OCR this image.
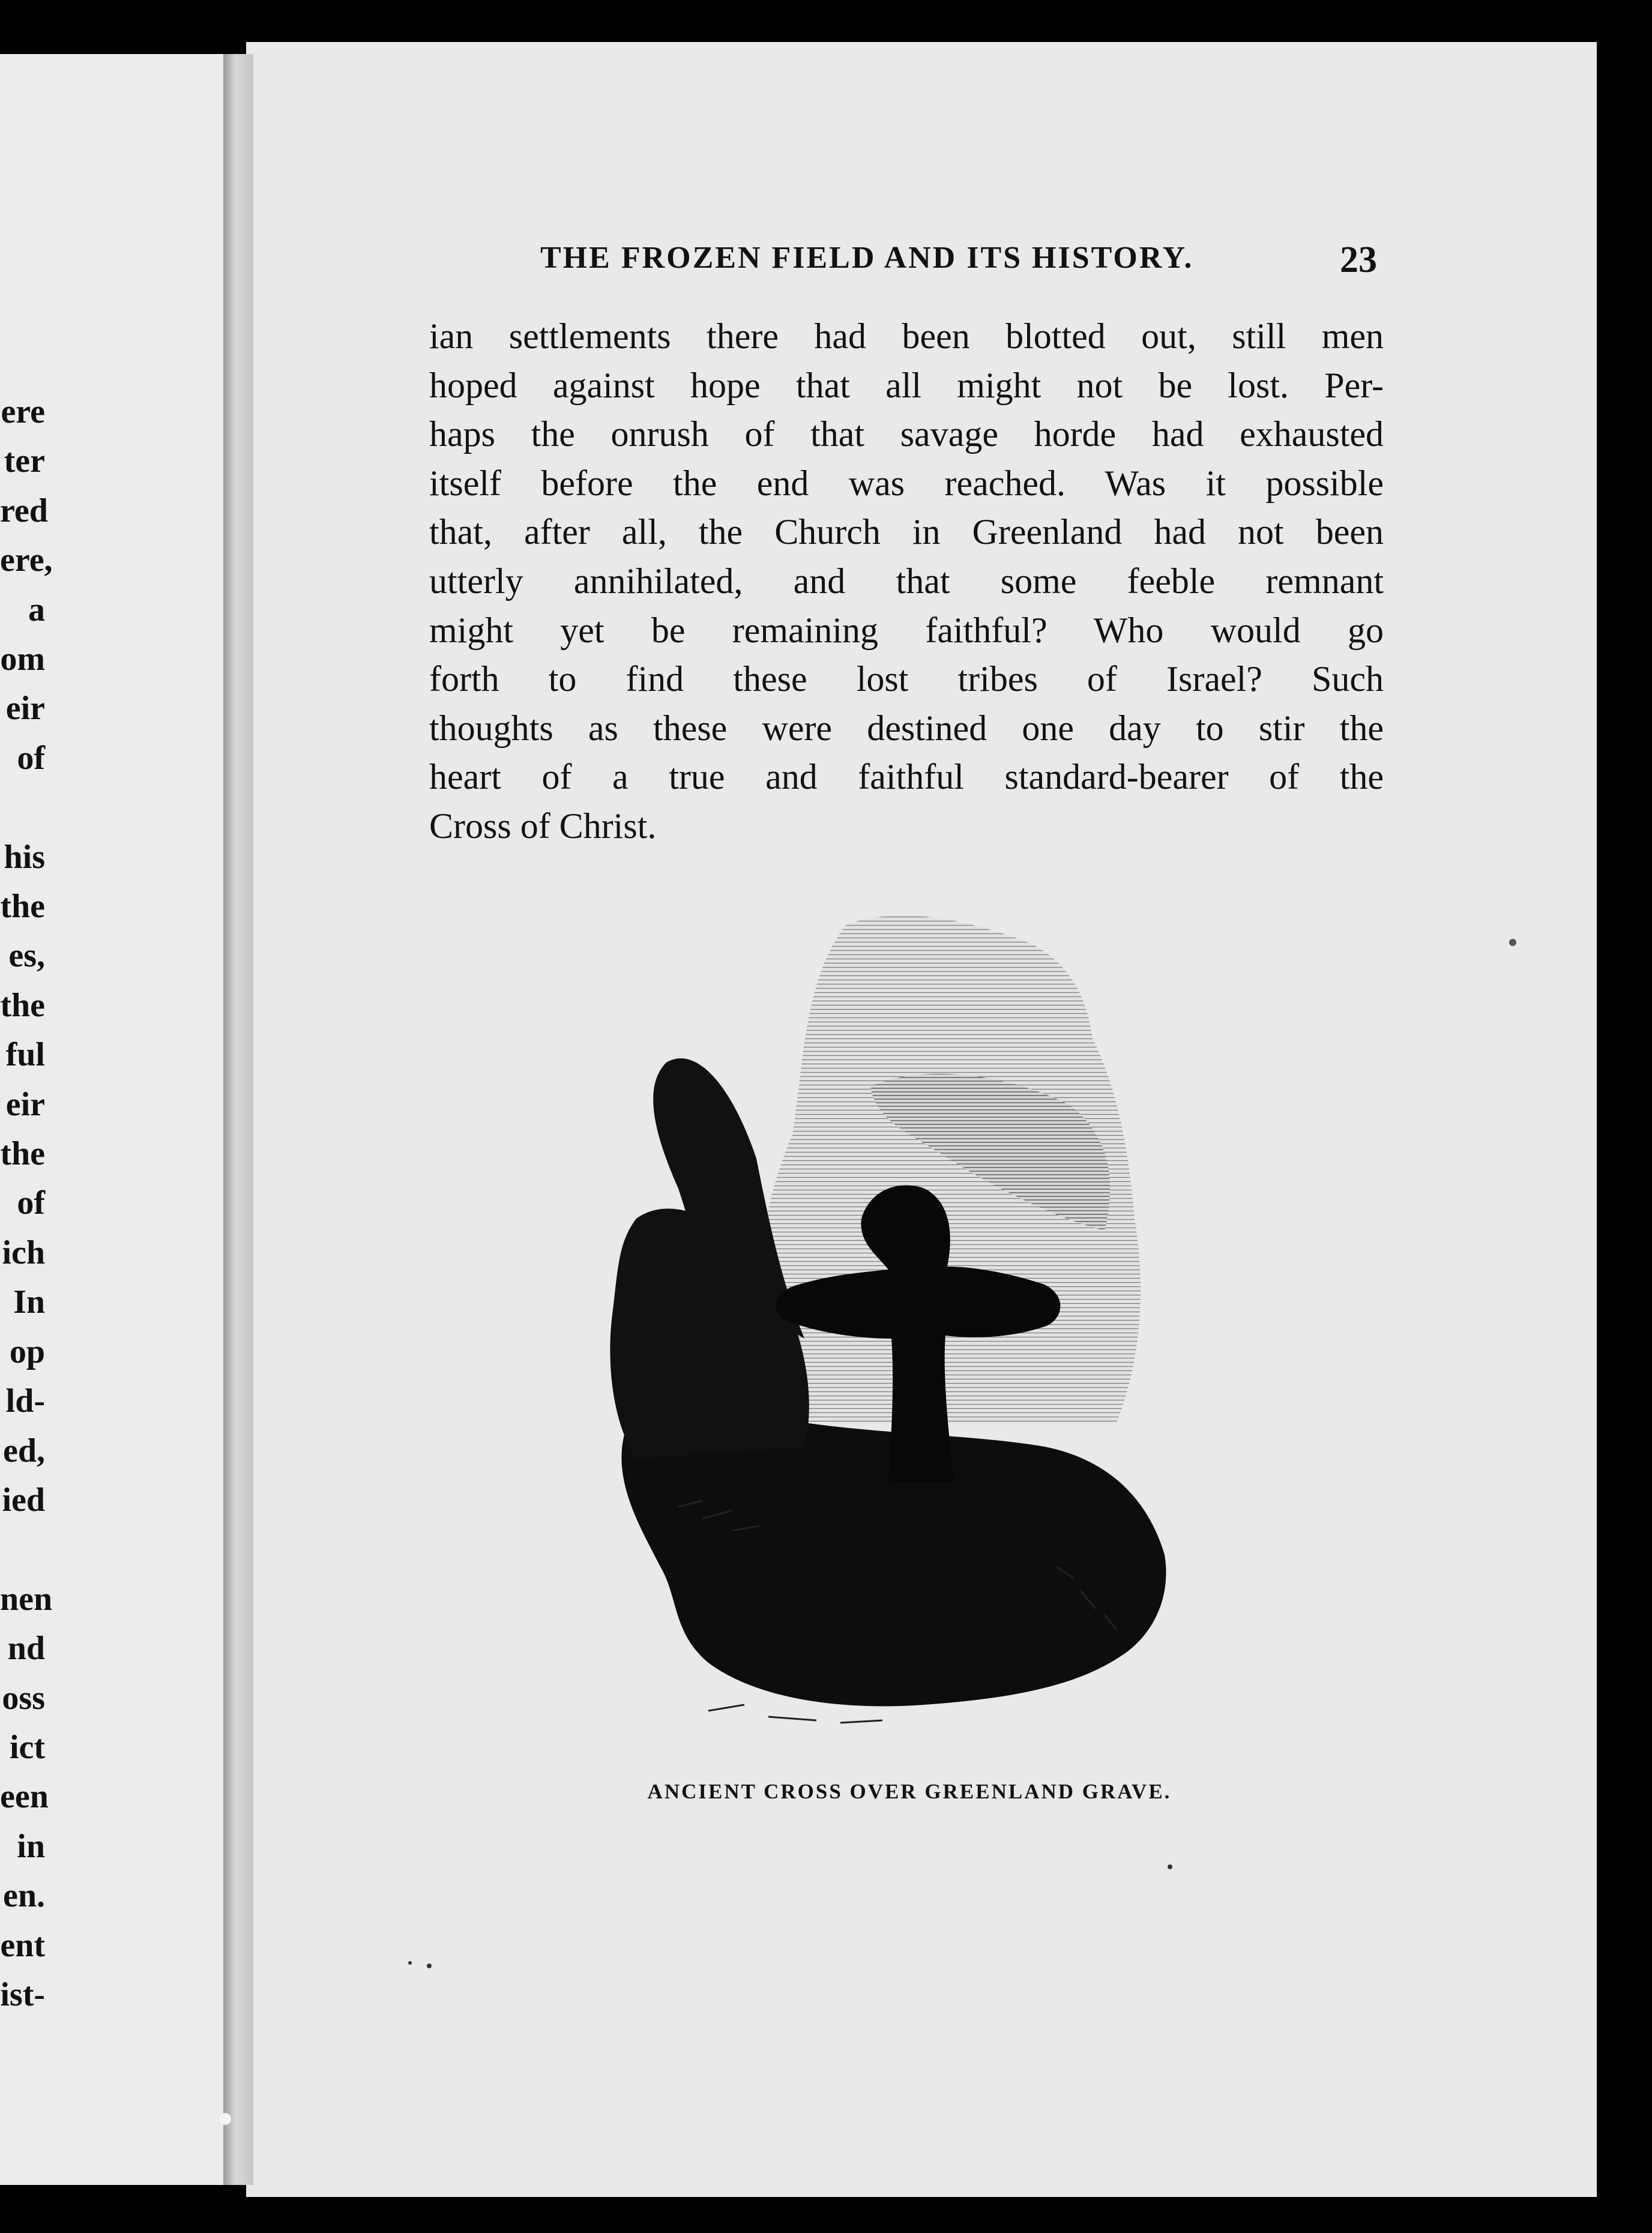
ere
ter
red
ere,
a
om
eir
of
his
the
es,
the
ful
eir
the
of
ich
In
op
ld-
ed,
ied
nen
nd
oss
ict
een
in
en.
ent
ist-
THE FROZEN FIELD AND ITS HISTORY.	23
ian settlements there had been blotted out, still men
hoped against hope that all might not be lost. Per-
haps the onrush of that savage horde had exhausted
itself before the end was reached. Was it possible
that, after all, the Church in Greenland had not been
utterly annihilated, and that some feeble remnant
might yet be remaining faithful? Who would go
forth to find these lost tribes of Israel? Such
thoughts as these were destined one day to stir the
heart of a true and faithful standard-bearer of the
Cross of Christ.
ANCIENT CROSS OVER GREENLAND GRAVE.
